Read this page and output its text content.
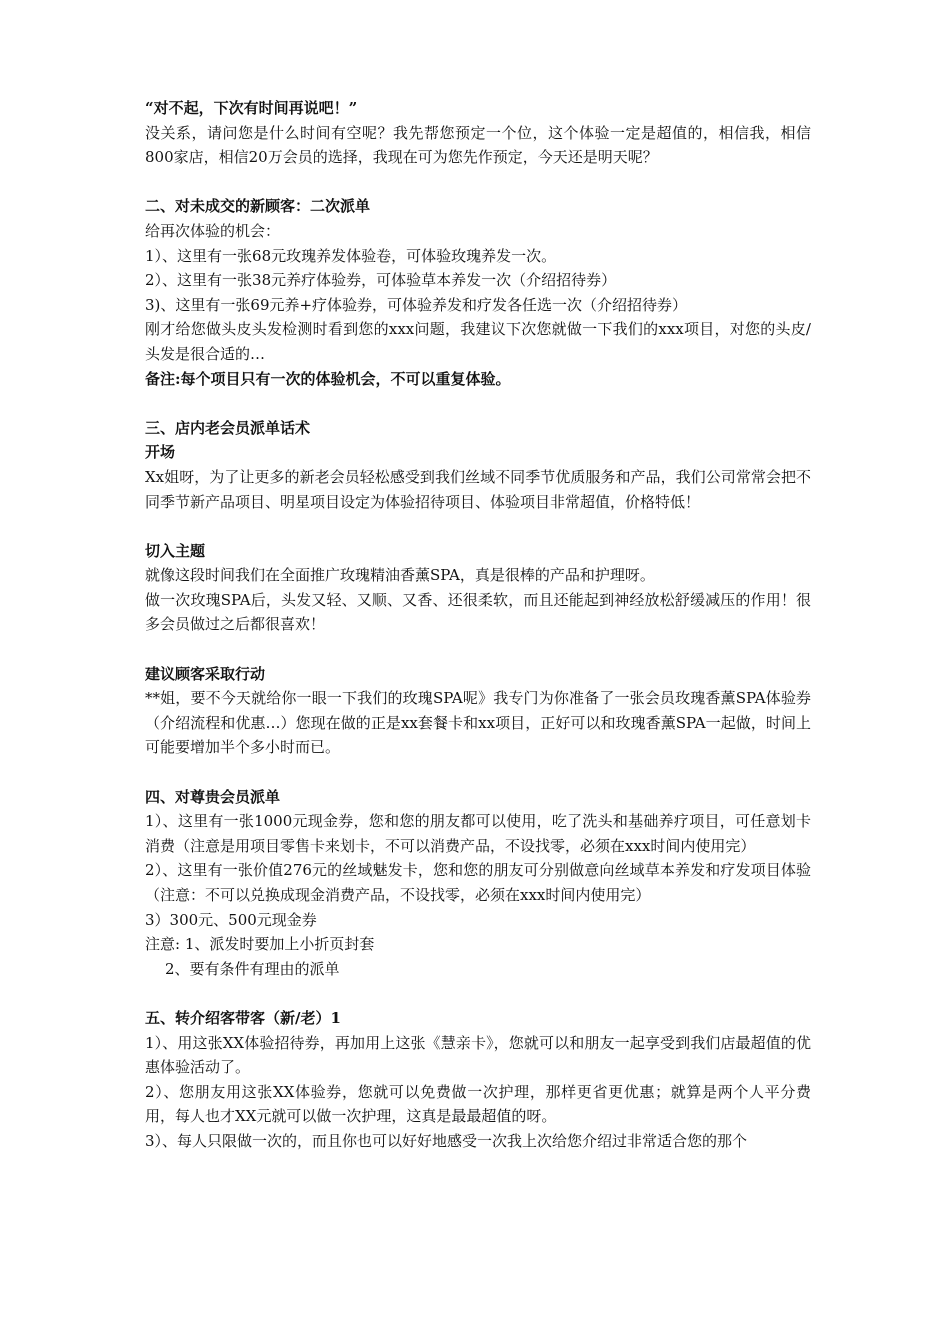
“对不起，下次有时间再说吧！”
没关系，请问您是什么时间有空呢？我先帮您预定一个位，这个体验一定是超值的，相信我，相信800家店，相信20万会员的选择，我现在可为您先作预定，今天还是明天呢？
二、对未成交的新顾客：二次派单
给再次体验的机会：
1）、这里有一张68元玫瑰养发体验卷，可体验玫瑰养发一次。
2）、这里有一张38元养疗体验券，可体验草本养发一次（介绍招待券）
3)、这里有一张69元养+疗体验券，可体验养发和疗发各任选一次（介绍招待券）
刚才给您做头皮头发检测时看到您的xxx问题，我建议下次您就做一下我们的xxx项目，对您的头皮/头发是很合适的…
备注:每个项目只有一次的体验机会，不可以重复体验。
三、店内老会员派单话术
开场
Xx姐呀，为了让更多的新老会员轻松感受到我们丝域不同季节优质服务和产品，我们公司常常会把不同季节新产品项目、明星项目设定为体验招待项目、体验项目非常超值，价格特低！
切入主题
就像这段时间我们在全面推广玫瑰精油香薰SPA，真是很棒的产品和护理呀。
做一次玫瑰SPA后，头发又轻、又顺、又香、还很柔软，而且还能起到神经放松舒缓减压的作用！很多会员做过之后都很喜欢！
建议顾客采取行动
**姐，要不今天就给你一眼一下我们的玫瑰SPA呢》我专门为你准备了一张会员玫瑰香薰SPA体验券（介绍流程和优惠…）您现在做的正是xx套餐卡和xx项目，正好可以和玫瑰香薰SPA一起做，时间上可能要增加半个多小时而已。
四、对尊贵会员派单
1）、这里有一张1000元现金券，您和您的朋友都可以使用，吃了洗头和基础养疗项目，可任意划卡消费（注意是用项目零售卡来划卡，不可以消费产品，不设找零，必须在xxx时间内使用完）
2）、这里有一张价值276元的丝域魅发卡，您和您的朋友可分别做意向丝域草本养发和疗发项目体验（注意：不可以兑换成现金消费产品，不设找零，必须在xxx时间内使用完）
3）300元、500元现金券
注意: 1、派发时要加上小折页封套
2、要有条件有理由的派单
五、转介绍客带客（新/老）1
1）、用这张XX体验招待券，再加用上这张《慧亲卡》，您就可以和朋友一起享受到我们店最超值的优惠体验活动了。
2）、您朋友用这张XX体验券，您就可以免费做一次护理，那样更省更优惠；就算是两个人平分费用，每人也才XX元就可以做一次护理，这真是最最超值的呀。
3）、每人只限做一次的，而且你也可以好好地感受一次我上次给您介绍过非常适合您的那个
